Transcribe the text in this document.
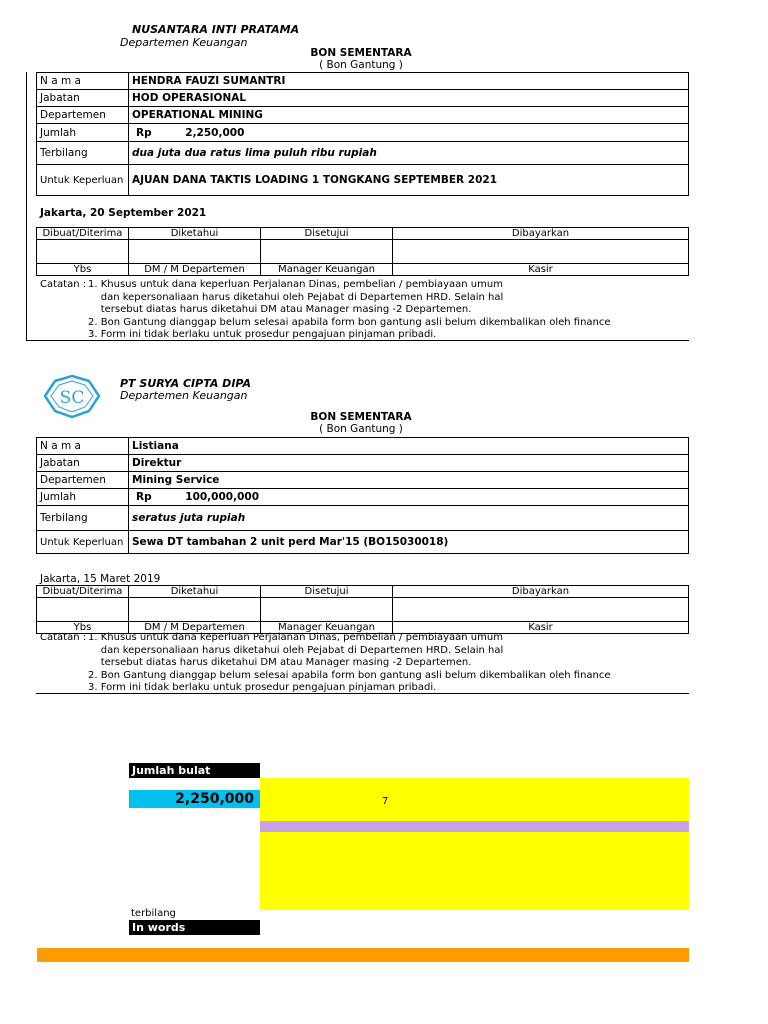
NUSANTARA INTI PRATAMA
Departemen Keuangan
BON SEMENTARA
( Bon Gantung )
N a m a	HENDRA FAUZI SUMANTRI
Jabatan	HOD OPERASIONAL
Departemen	OPERATIONAL MINING
Jumlah	Rp 2,250,000
Terbilang	dua juta dua ratus lima puluh ribu rupiah
Untuk Keperluan	AJUAN DANA TAKTIS LOADING 1 TONGKANG SEPTEMBER 2021
Jakarta, 20 September 2021
Dibuat/Diterima	Diketahui	Disetujui	Dibayarkan

Ybs	DM / M Departemen	Manager Keuangan	Kasir
Catatan : 1. Khusus untuk dana keperluan Perjalanan Dinas, pembelian / pembiayaan umum
dan kepersonaliaan harus diketahui oleh Pejabat di Departemen HRD. Selain hal
tersebut diatas harus diketahui DM atau Manager masing -2 Departemen.
2. Bon Gantung dianggap belum selesai apabila form bon gantung asli belum dikembalikan oleh finance
3. Form ini tidak berlaku untuk prosedur pengajuan pinjaman pribadi.
SC
PT SURYA CIPTA DIPA
Departemen Keuangan
BON SEMENTARA
( Bon Gantung )
N a m a	Listiana
Jabatan	Direktur
Departemen	Mining Service
Jumlah	Rp 100,000,000
Terbilang	seratus juta rupiah
Untuk Keperluan	Sewa DT tambahan 2 unit perd Mar'15 (BO15030018)
Jakarta, 15 Maret 2019
Dibuat/Diterima	Diketahui	Disetujui	Dibayarkan

Ybs	DM / M Departemen	Manager Keuangan	Kasir
Catatan : 1. Khusus untuk dana keperluan Perjalanan Dinas, pembelian / pembiayaan umum
dan kepersonaliaan harus diketahui oleh Pejabat di Departemen HRD. Selain hal
tersebut diatas harus diketahui DM atau Manager masing -2 Departemen.
2. Bon Gantung dianggap belum selesai apabila form bon gantung asli belum dikembalikan oleh finance
3. Form ini tidak berlaku untuk prosedur pengajuan pinjaman pribadi.
Jumlah bulat
2,250,000	7
terbilang
In words
